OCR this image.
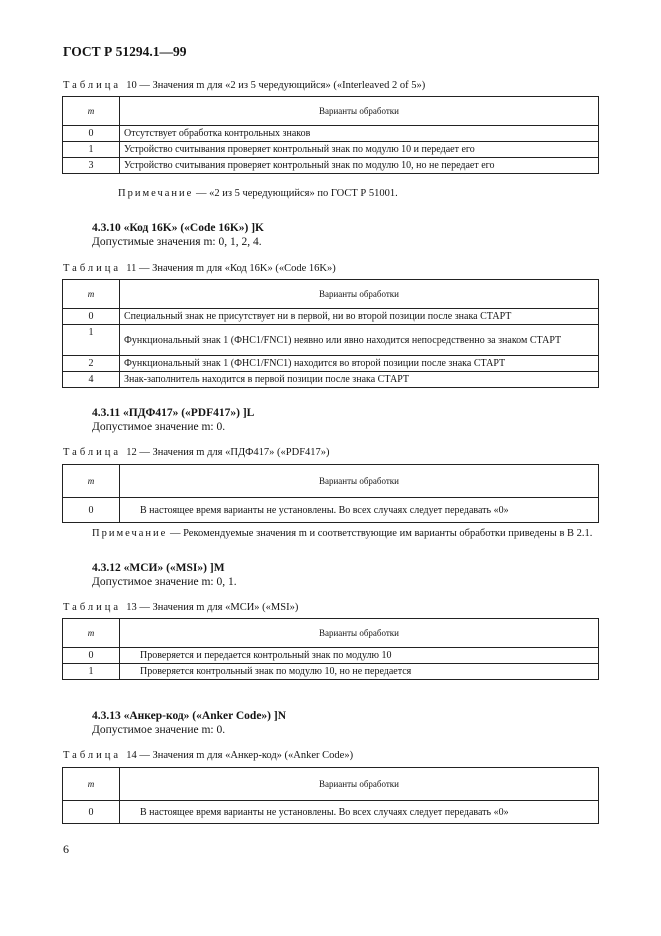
ГОСТ Р 51294.1—99
Таблица 10 — Значения m для «2 из 5 чередующийся» («Interleaved 2 of 5»)
m	Варианты обработки
0	Отсутствует обработка контрольных знаков
1	Устройство считывания проверяет контрольный знак по модулю 10 и передает его
3	Устройство считывания проверяет контрольный знак по модулю 10, но не передает его
Примечание — «2 из 5 чередующийся» по ГОСТ Р 51001.
4.3.10 «Код 16K» («Code 16K») ]K
Допустимые значения m: 0, 1, 2, 4.
Таблица 11 — Значения m для «Код 16K» («Code 16K»)
m	Варианты обработки
0	Специальный знак не присутствует ни в первой, ни во второй позиции после знака СТАРТ
1	Функциональный знак 1 (ФНС1/FNC1) неявно или явно находится непосредственно за знаком СТАРТ
2	Функциональный знак 1 (ФНС1/FNC1) находится во второй позиции после знака СТАРТ
4	Знак-заполнитель находится в первой позиции после знака СТАРТ
4.3.11 «ПДФ417» («PDF417») ]L
Допустимое значение m: 0.
Таблица 12 — Значения m для «ПДФ417» («PDF417»)
m	Варианты обработки
0	В настоящее время варианты не установлены. Во всех случаях следует передавать «0»
Примечание — Рекомендуемые значения m и соответствующие им варианты обработки приведены в В 2.1.
4.3.12 «МСИ» («MSI») ]M
Допустимое значение m: 0, 1.
Таблица 13 — Значения m для «МСИ» («MSI»)
m	Варианты обработки
0	Проверяется и передается контрольный знак по модулю 10
1	Проверяется контрольный знак по модулю 10, но не передается
4.3.13 «Анкер-код» («Anker Code») ]N
Допустимое значение m: 0.
Таблица 14 — Значения m для «Анкер-код» («Anker Code»)
m	Варианты обработки
0	В настоящее время варианты не установлены. Во всех случаях следует передавать «0»
6
